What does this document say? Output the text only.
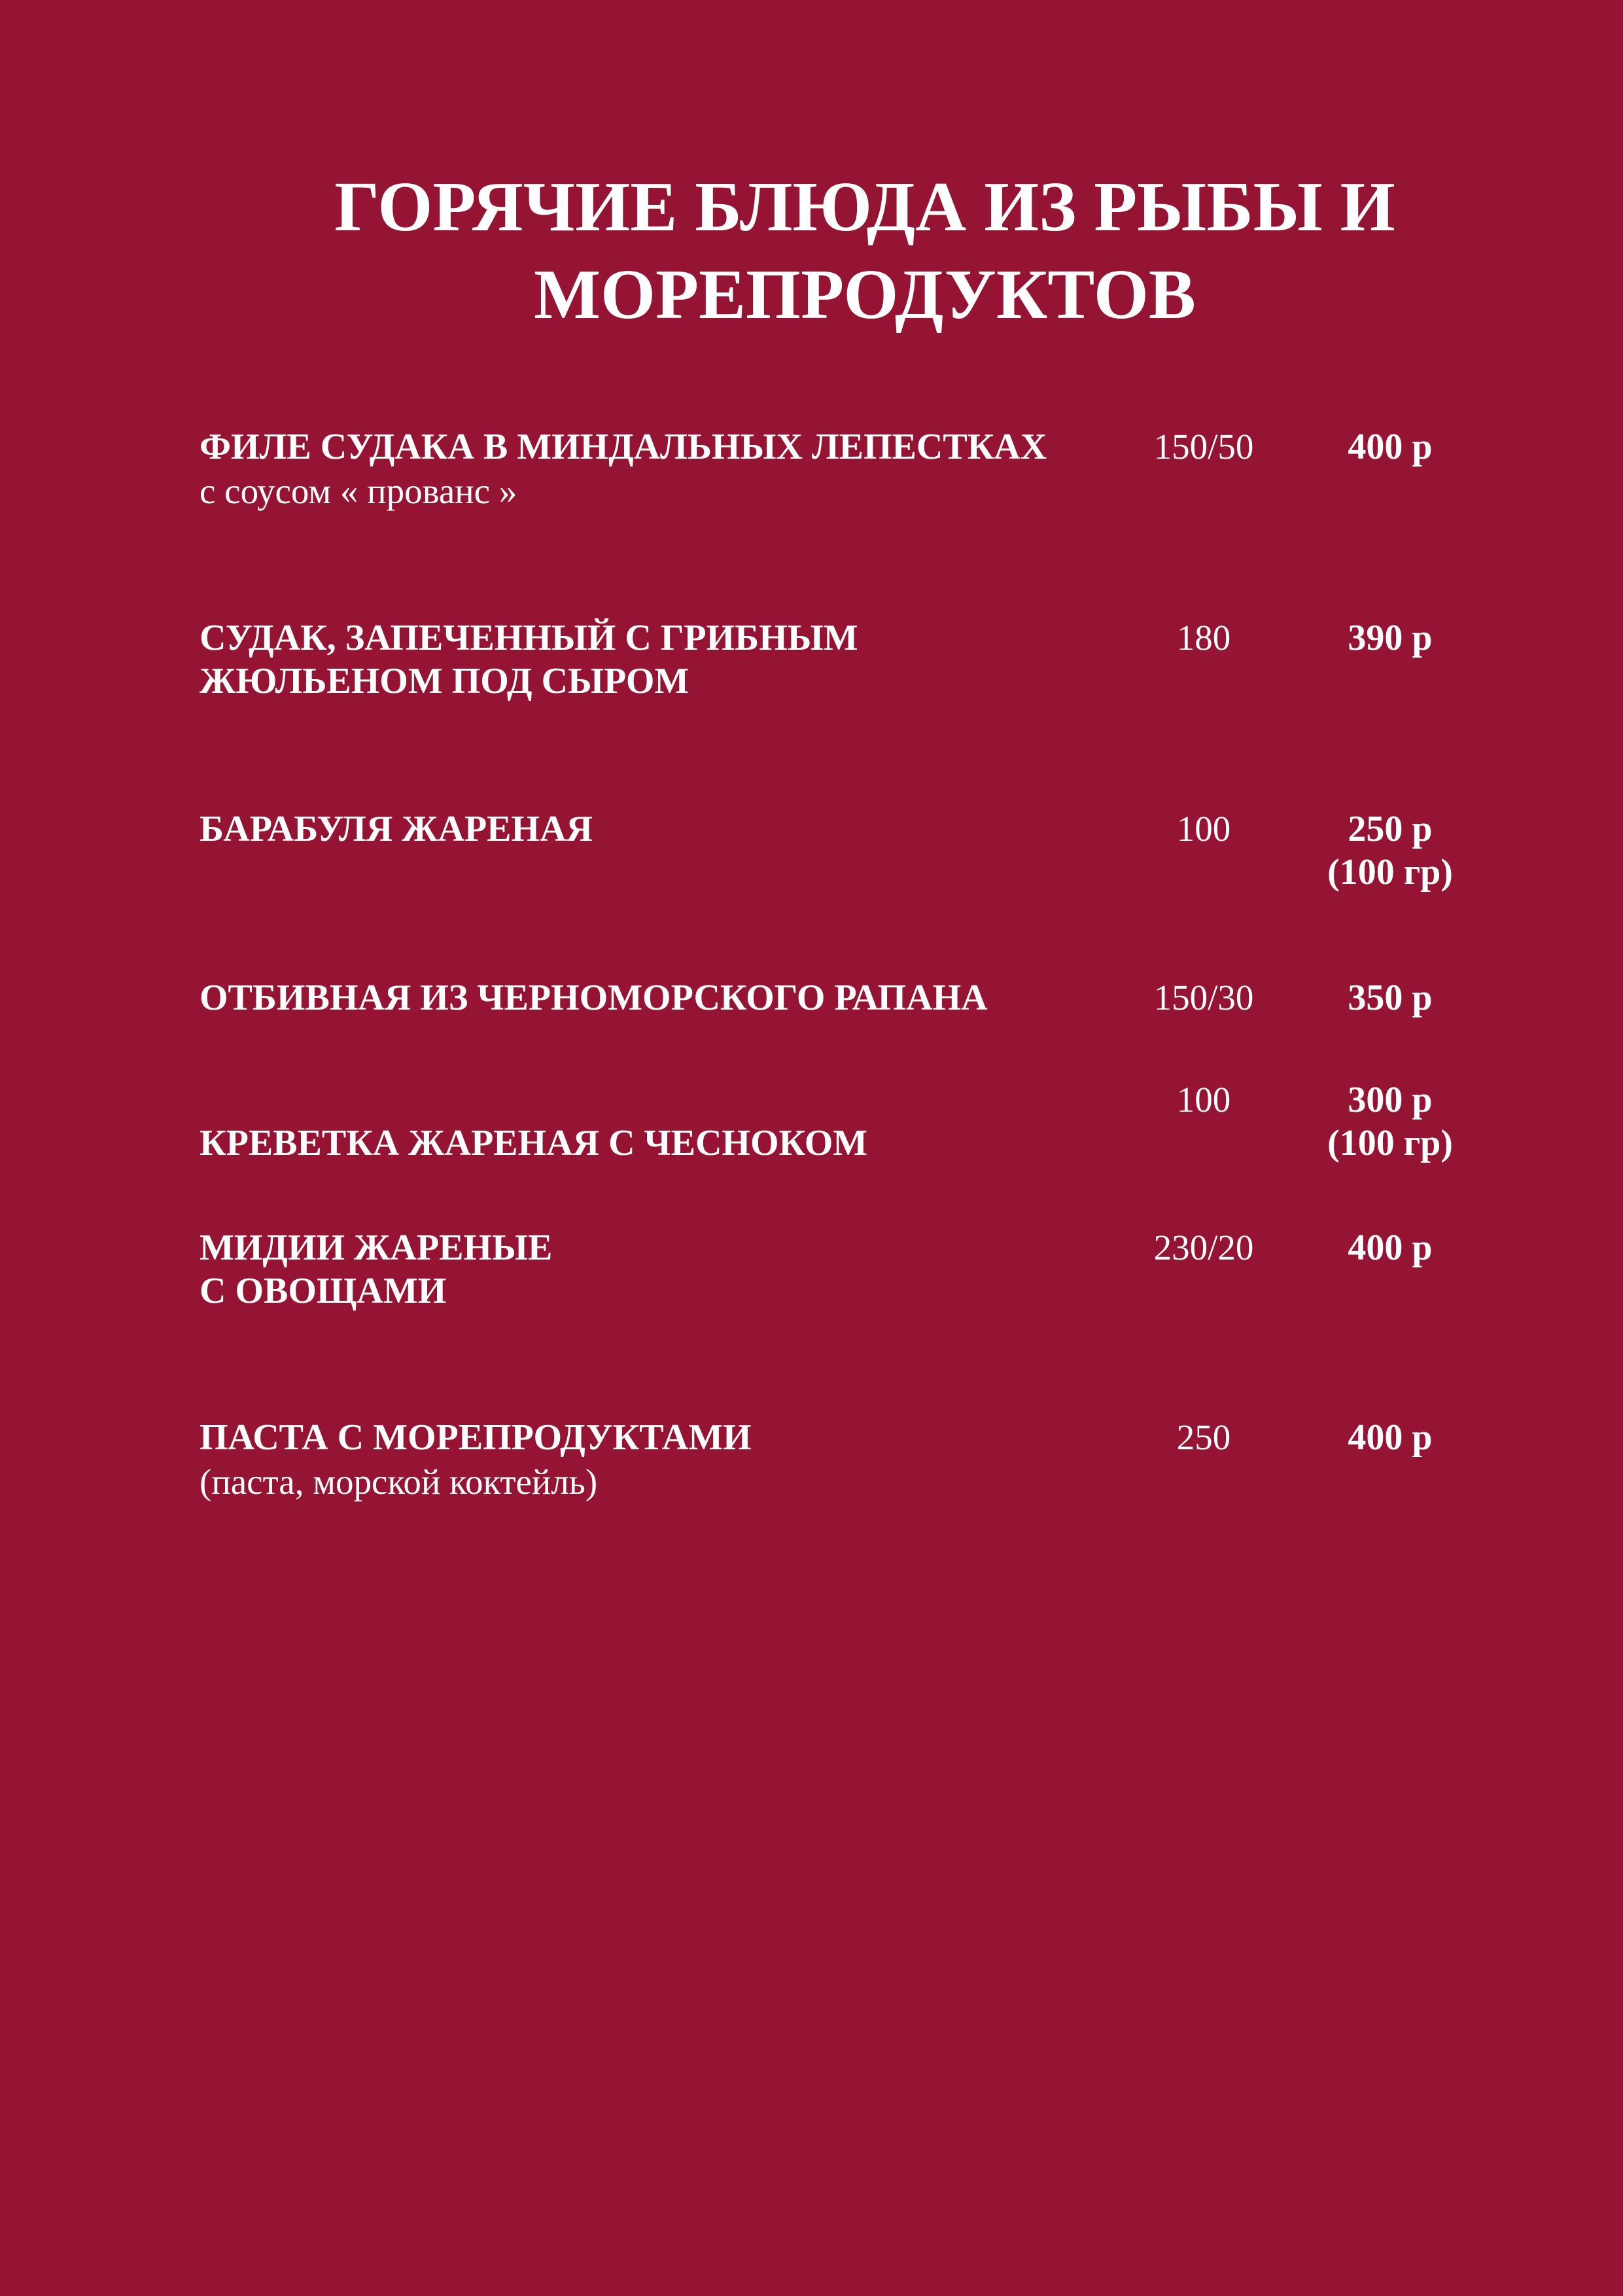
ГОРЯЧИЕ БЛЮДА ИЗ РЫБЫ И
МОРЕПРОДУКТОВ
ФИЛЕ СУДАКА В МИНДАЛЬНЫХ ЛЕПЕСТКАХ
с соусом « прованс »
150/50	400 р
СУДАК, ЗАПЕЧЕННЫЙ С ГРИБНЫМ
ЖЮЛЬЕНОМ ПОД СЫРОМ
180	390 р
БАРАБУЛЯ ЖАРЕНАЯ	100	250 р
(100 гр)
ОТБИВНАЯ ИЗ ЧЕРНОМОРСКОГО РАПАНА	150/30	350 р
КРЕВЕТКА ЖАРЕНАЯ С ЧЕСНОКОМ
100	300 р
(100 гр)
МИДИИ ЖАРЕНЫЕ
С ОВОЩАМИ
230/20	400 р
ПАСТА С МОРЕПРОДУКТАМИ
(паста, морской коктейль)
250	400 р
